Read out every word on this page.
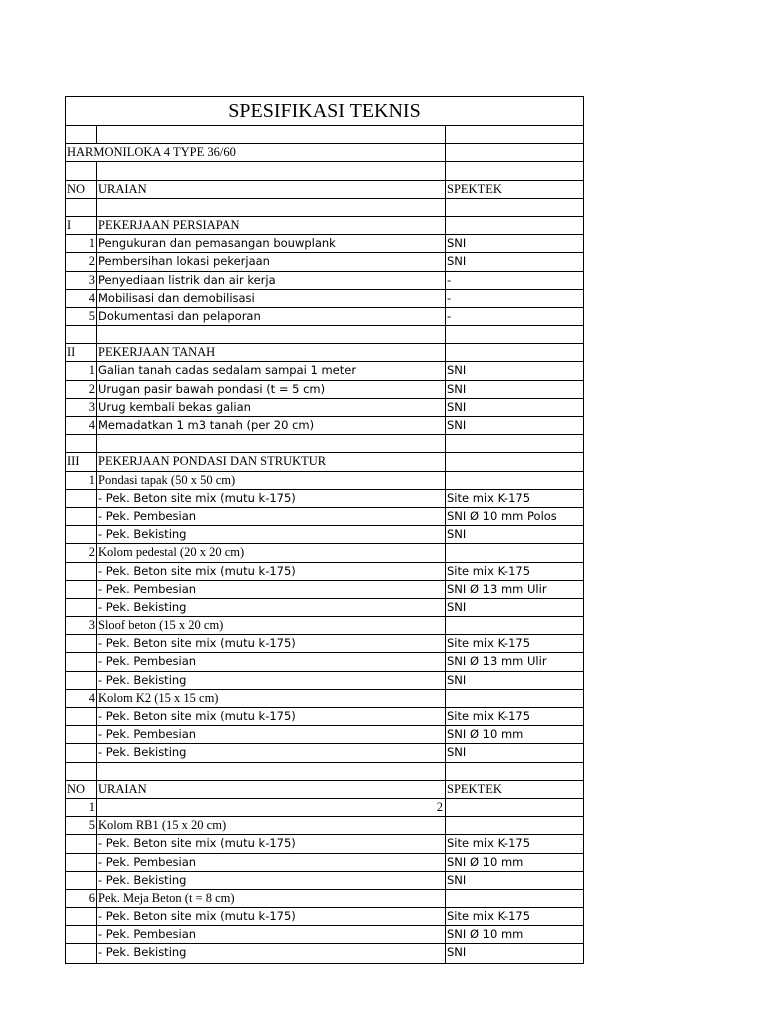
SPESIFIKASI TEKNIS
HARMONILOKA 4 TYPE 36/60
NO	URAIAN	SPEKTEK
I	PEKERJAAN PERSIAPAN
1 Pengukuran dan pemasangan bouwplank	SNI
2 Pembersihan lokasi pekerjaan	SNI
3 Penyediaan listrik dan air kerja	-
4 Mobilisasi dan demobilisasi	-
5 Dokumentasi dan pelaporan	-
II	PEKERJAAN TANAH
1 Galian tanah cadas sedalam sampai 1 meter	SNI
2 Urugan pasir bawah pondasi (t = 5 cm)	SNI
3 Urug kembali bekas galian	SNI
4 Memadatkan 1 m3 tanah (per 20 cm)	SNI
III	PEKERJAAN PONDASI DAN STRUKTUR
1 Pondasi tapak (50 x 50 cm)
- Pek. Beton site mix (mutu k-175)	Site mix K-175
- Pek. Pembesian	SNI Ø 10 mm Polos
- Pek. Bekisting	SNI
2 Kolom pedestal (20 x 20 cm)
- Pek. Beton site mix (mutu k-175)	Site mix K-175
- Pek. Pembesian	SNI Ø 13 mm Ulir
- Pek. Bekisting	SNI
3 Sloof beton (15 x 20 cm)
- Pek. Beton site mix (mutu k-175)	Site mix K-175
- Pek. Pembesian	SNI Ø 13 mm Ulir
- Pek. Bekisting	SNI
4 Kolom K2 (15 x 15 cm)
- Pek. Beton site mix (mutu k-175)	Site mix K-175
- Pek. Pembesian	SNI Ø 10 mm
- Pek. Bekisting	SNI
NO	URAIAN	SPEKTEK
1	2
5 Kolom RB1 (15 x 20 cm)
- Pek. Beton site mix (mutu k-175)	Site mix K-175
- Pek. Pembesian	SNI Ø 10 mm
- Pek. Bekisting	SNI
6 Pek. Meja Beton (t = 8 cm)
- Pek. Beton site mix (mutu k-175)	Site mix K-175
- Pek. Pembesian	SNI Ø 10 mm
- Pek. Bekisting	SNI
